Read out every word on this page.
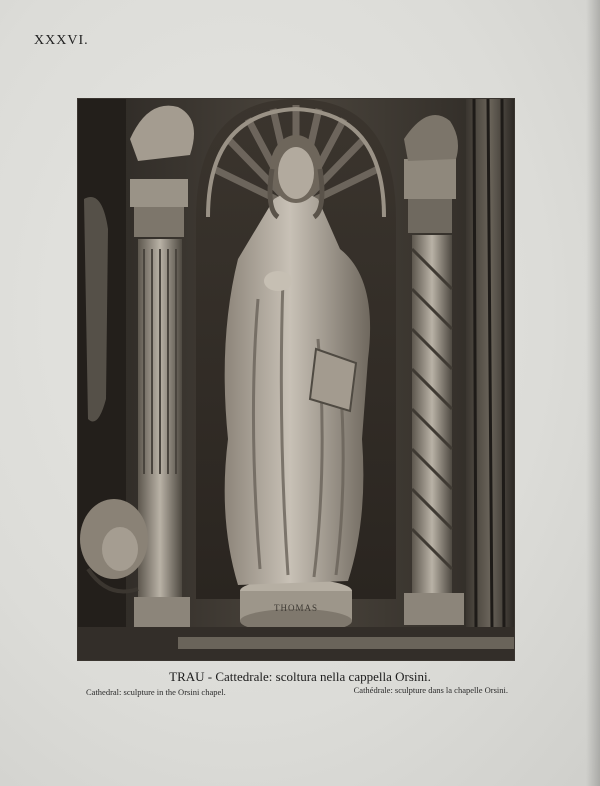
XXXVI.
THOMAS
TRAU - Cattedrale: scoltura nella cappella Orsini.
Cathedral: sculpture in the Orsini chapel.	Cathédrale: sculpture dans la chapelle Orsini.
